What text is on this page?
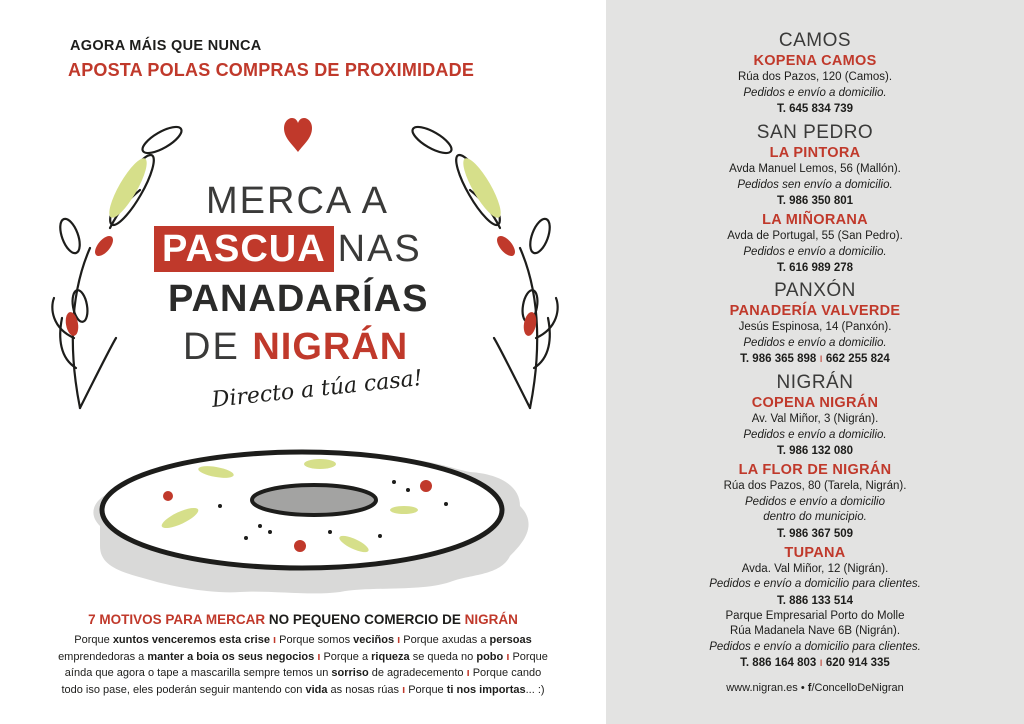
AGORA MÁIS QUE NUNCA
APOSTA POLAS COMPRAS DE PROXIMIDADE
MERCA A
PASCUA NAS
PANADARÍAS
DE NIGRÁN
Directo a túa casa!
7 MOTIVOS PARA MERCAR NO PEQUENO COMERCIO DE NIGRÁN
Porque xuntos venceremos esta crise ı Porque somos veciños ı Porque axudas a persoas emprendedoras a manter a boia os seus negocios ı Porque a riqueza se queda no pobo ı Porque aínda que agora o tape a mascarilla sempre temos un sorriso de agradecemento ı Porque cando todo iso pase, eles poderán seguir mantendo con vida as nosas rúas ı Porque ti nos importas... :)
CAMOS
KOPENA CAMOS
Rúa dos Pazos, 120 (Camos).
Pedidos e envío a domicilio.
T. 645 834 739
SAN PEDRO
LA PINTORA
Avda Manuel Lemos, 56 (Mallón).
Pedidos sen envío a domicilio.
T. 986 350 801
LA MIÑORANA
Avda de Portugal, 55 (San Pedro).
Pedidos e envío a domicilio.
T. 616 989 278
PANXÓN
PANADERÍA VALVERDE
Jesús Espinosa, 14 (Panxón).
Pedidos e envío a domicilio.
T. 986 365 898 ı 662 255 824
NIGRÁN
COPENA NIGRÁN
Av. Val Miñor, 3 (Nigrán).
Pedidos e envío a domicilio.
T. 986 132 080
LA FLOR DE NIGRÁN
Rúa dos Pazos, 80 (Tarela, Nigrán).
Pedidos e envío a domicilio
dentro do municipio.
T. 986 367 509
TUPANA
Avda. Val Miñor, 12 (Nigrán).
Pedidos e envío a domicilio para clientes.
T. 886 133 514
Parque Empresarial Porto do Molle
Rúa Madanela Nave 6B (Nigrán).
Pedidos e envío a domicilio para clientes.
T. 886 164 803 ı 620 914 335
www.nigran.es • f/ConcelloDeNigran
